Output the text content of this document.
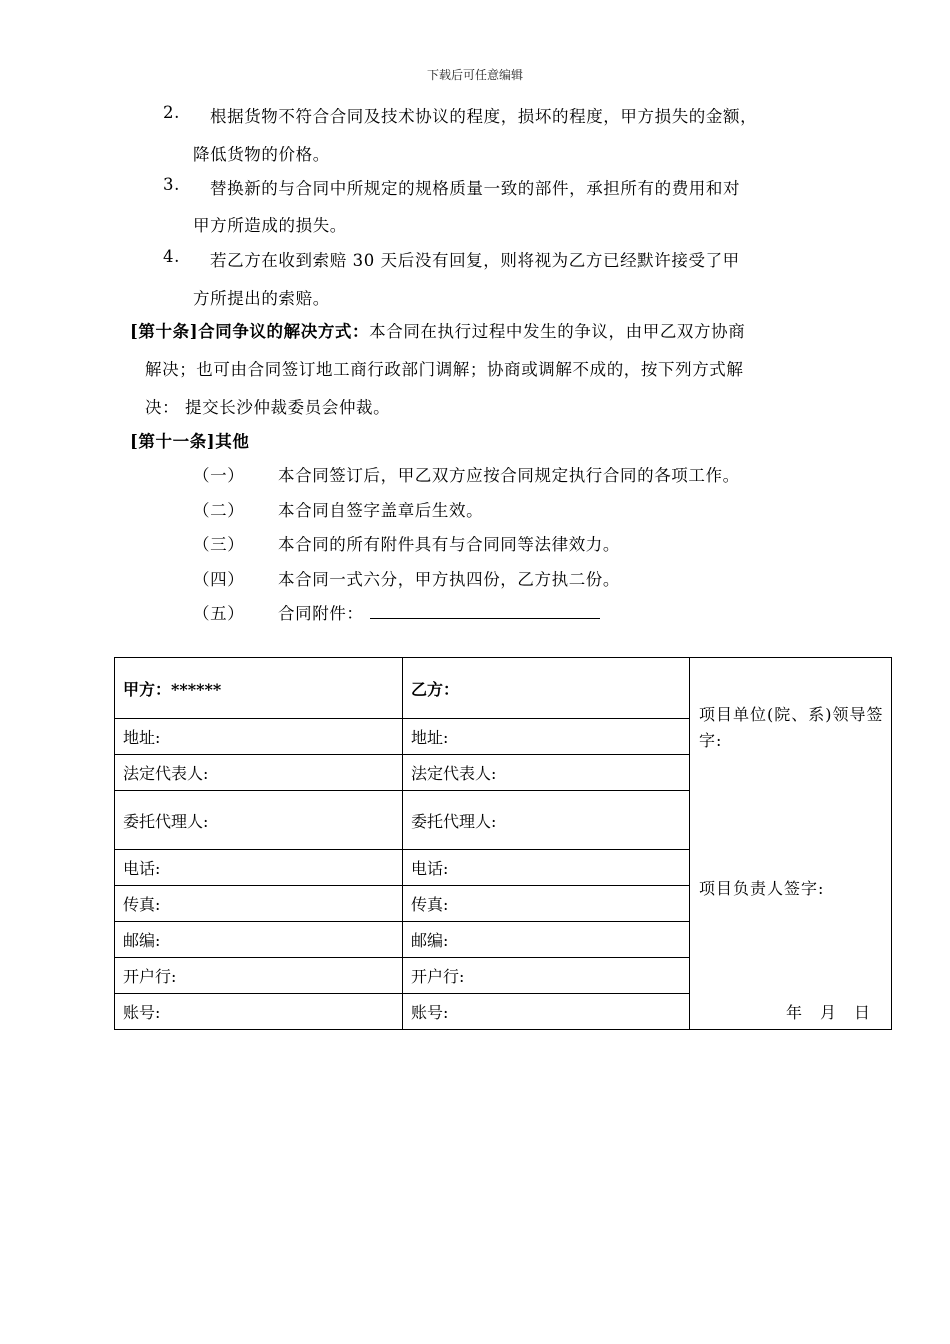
下载后可任意编辑
2. 根据货物不符合合同及技术协议的程度，损坏的程度，甲方损失的金额，
降低货物的价格。
3. 替换新的与合同中所规定的规格质量一致的部件，承担所有的费用和对
甲方所造成的损失。
4. 若乙方在收到索赔 30 天后没有回复，则将视为乙方已经默许接受了甲
方所提出的索赔。
[第十条]合同争议的解决方式：本合同在执行过程中发生的争议，由甲乙双方协商
解决；也可由合同签订地工商行政部门调解；协商或调解不成的，按下列方式解
决： 提交长沙仲裁委员会仲裁。
[第十一条]其他
（一） 本合同签订后，甲乙双方应按合同规定执行合同的各项工作。
（二） 本合同自签字盖章后生效。
（三） 本合同的所有附件具有与合同同等法律效力。
（四） 本合同一式六分，甲方执四份，乙方执二份。
（五） 合同附件：
甲方：******	乙方：	项目单位(院、系)领导签字:
项目负责人签字:
年 月 日

地址:	地址:	
法定代表人:	法定代表人:	
委托代理人:	委托代理人:	
电话:	电话:	
传真:	传真:	
邮编:	邮编:	
开户行:	开户行:	
账号:	账号:	
